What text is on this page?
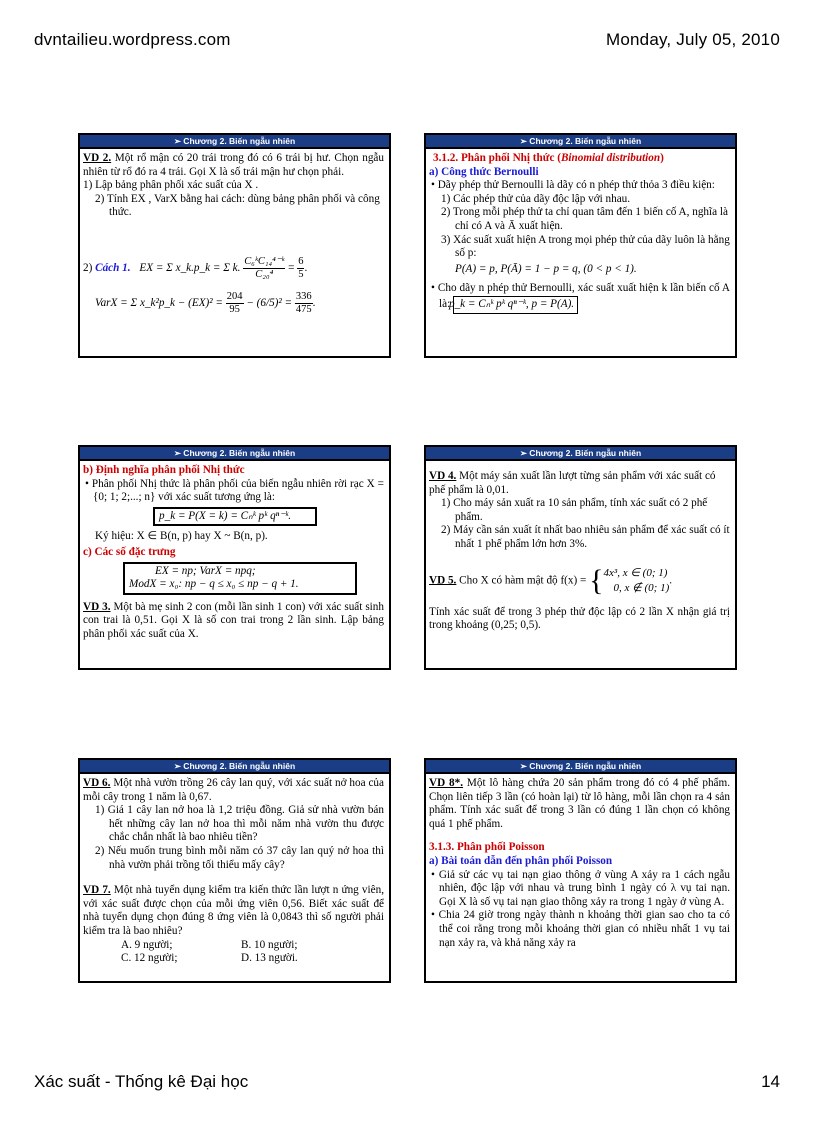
dvntailieu.wordpress.com	Monday, July 05, 2010
➢ Chương 2. Biến ngẫu nhiên

VD 2. Một rổ mận có 20 trái trong đó có 6 trái bị hư. Chọn ngẫu nhiên từ rổ đó ra 4 trái. Gọi X là số trái mận hư chọn phải.

1) Lập bảng phân phối xác suất của X .

2) Tính EX , VarX bằng hai cách: dùng bảng phân phối và công thức.

2) Cách 1. EX = Σ x_k.p_k = Σ k. $\frac{\text{C₆ᵏC₁₄⁴⁻ᵏ}}{\text{C₂₀⁴}} = \frac{6}{5}$.

VarX = Σ x_k²p_k − $(EX)^2 = \frac{204}{95} - (6/5)^2 = \frac{336}{475}$.

➢ Chương 2. Biến ngẫu nhiên

3.1.2. Phân phối Nhị thức (Binomial distribution)

a) Công thức Bernoulli

• Dãy phép thử Bernoulli là dãy có n phép thử thỏa 3 điều kiện:

1) Các phép thử của dãy độc lập với nhau.

2) Trong mỗi phép thử ta chỉ quan tâm đến 1 biến cố A, nghĩa là chỉ có A và Ā xuất hiện.

3) Xác suất xuất hiện A trong mọi phép thử của dãy luôn là hằng số p:

P(A) = p, P(Ā) = 1 − p = q, (0 < p < 1).

• Cho dãy n phép thử Bernoulli, xác suất xuất hiện k lần biến cố A là: p_k = Cₙᵏ pᵏ qⁿ⁻ᵏ, p = P(A).

➢ Chương 2. Biến ngẫu nhiên

b) Định nghĩa phân phối Nhị thức

• Phân phối Nhị thức là phân phối của biến ngẫu nhiên rời rạc X = {0; 1; 2;...; n} với xác suất tương ứng là:

p_k = P(X = k) = Cₙᵏ pᵏ qⁿ⁻ᵏ.

Ký hiệu: X ∈ B(n, p) hay X ~ B(n, p).

c) Các số đặc trưng

EX = np; VarX = npq;
ModX = x₀: np − q ≤ x₀ ≤ np − q + 1.

VD 3. Một bà mẹ sinh 2 con (mỗi lần sinh 1 con) với xác suất sinh con trai là 0,51. Gọi X là số con trai trong 2 lần sinh. Lập bảng phân phối xác suất của X.

➢ Chương 2. Biến ngẫu nhiên

VD 4. Một máy sản xuất lần lượt từng sản phẩm với xác suất có phế phẩm là 0,01.

1) Cho máy sản xuất ra 10 sản phẩm, tính xác suất có 2 phế phẩm.

2) Máy cần sản xuất ít nhất bao nhiêu sản phẩm để xác suất có ít nhất 1 phế phẩm lớn hơn 3%.

VD 5. Cho X có hàm mật độ f(x) = { 4x³, x ∈ (0; 1)
0, x ∉ (0; 1)
.

Tính xác suất để trong 3 phép thử độc lập có 2 lần X nhận giá trị trong khoảng (0,25; 0,5).

➢ Chương 2. Biến ngẫu nhiên

VD 6. Một nhà vườn trồng 26 cây lan quý, với xác suất nở hoa của mỗi cây trong 1 năm là 0,67.

1) Giá 1 cây lan nở hoa là 1,2 triệu đồng. Giả sử nhà vườn bán hết những cây lan nở hoa thì mỗi năm nhà vườn thu được chắc chắn nhất là bao nhiêu tiền?

2) Nếu muốn trung bình mỗi năm có 37 cây lan quý nở hoa thì nhà vườn phải trồng tối thiểu mấy cây?

VD 7. Một nhà tuyển dụng kiểm tra kiến thức lần lượt n ứng viên, với xác suất được chọn của mỗi ứng viên 0,56. Biết xác suất để nhà tuyển dụng chọn đúng 8 ứng viên là 0,0843 thì số người phải kiểm tra là bao nhiêu?

A. 9 người;	B. 10 người;
C. 12 người;	D. 13 người.
➢ Chương 2. Biến ngẫu nhiên

VD 8*. Một lô hàng chứa 20 sản phẩm trong đó có 4 phế phẩm. Chọn liên tiếp 3 lần (có hoàn lại) từ lô hàng, mỗi lần chọn ra 4 sản phẩm. Tính xác suất để trong 3 lần có đúng 1 lần chọn có không quá 1 phế phẩm.

3.1.3. Phân phối Poisson

a) Bài toán dẫn đến phân phối Poisson

• Giả sử các vụ tai nạn giao thông ở vùng A xảy ra 1 cách ngẫu nhiên, độc lập với nhau và trung bình 1 ngày có λ vụ tai nạn. Gọi X là số vụ tai nạn giao thông xảy ra trong 1 ngày ở vùng A.

• Chia 24 giờ trong ngày thành n khoảng thời gian sao cho ta có thể coi rằng trong mỗi khoảng thời gian có nhiều nhất 1 vụ tai nạn xảy ra, và khả năng xảy ra

Xác suất - Thống kê Đại học	14
